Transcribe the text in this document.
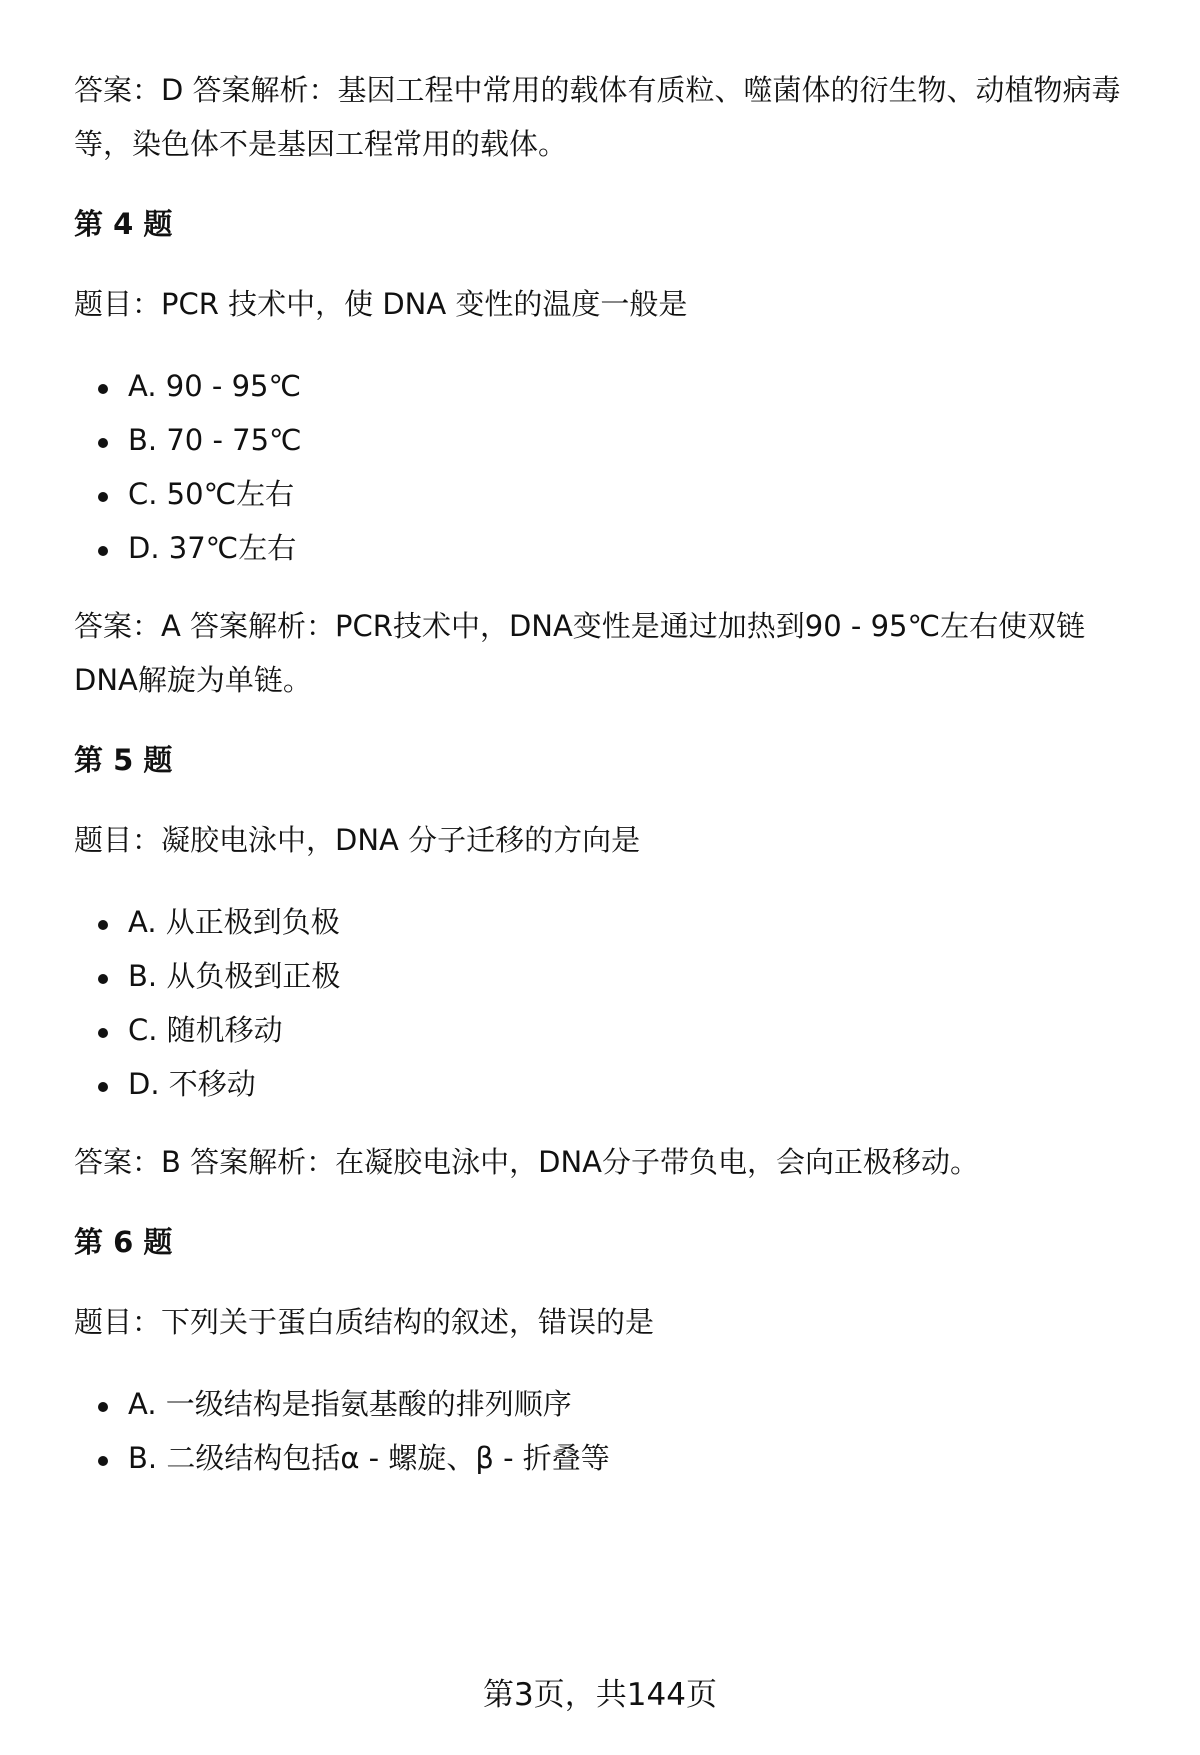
答案：D 答案解析：基因工程中常用的载体有质粒、噬菌体的衍生物、动植物病毒
等，染色体不是基因工程常用的载体。
第 4 题
题目：PCR 技术中，使 DNA 变性的温度一般是
A. 90 - 95℃
B. 70 - 75℃
C. 50℃左右
D. 37℃左右
答案：A 答案解析：PCR技术中，DNA变性是通过加热到90 - 95℃左右使双链
DNA解旋为单链。
第 5 题
题目：凝胶电泳中，DNA 分子迁移的方向是
A. 从正极到负极
B. 从负极到正极
C. 随机移动
D. 不移动
答案：B 答案解析：在凝胶电泳中，DNA分子带负电，会向正极移动。
第 6 题
题目：下列关于蛋白质结构的叙述，错误的是
A. 一级结构是指氨基酸的排列顺序
B. 二级结构包括α - 螺旋、β - 折叠等
第3页，共144页
